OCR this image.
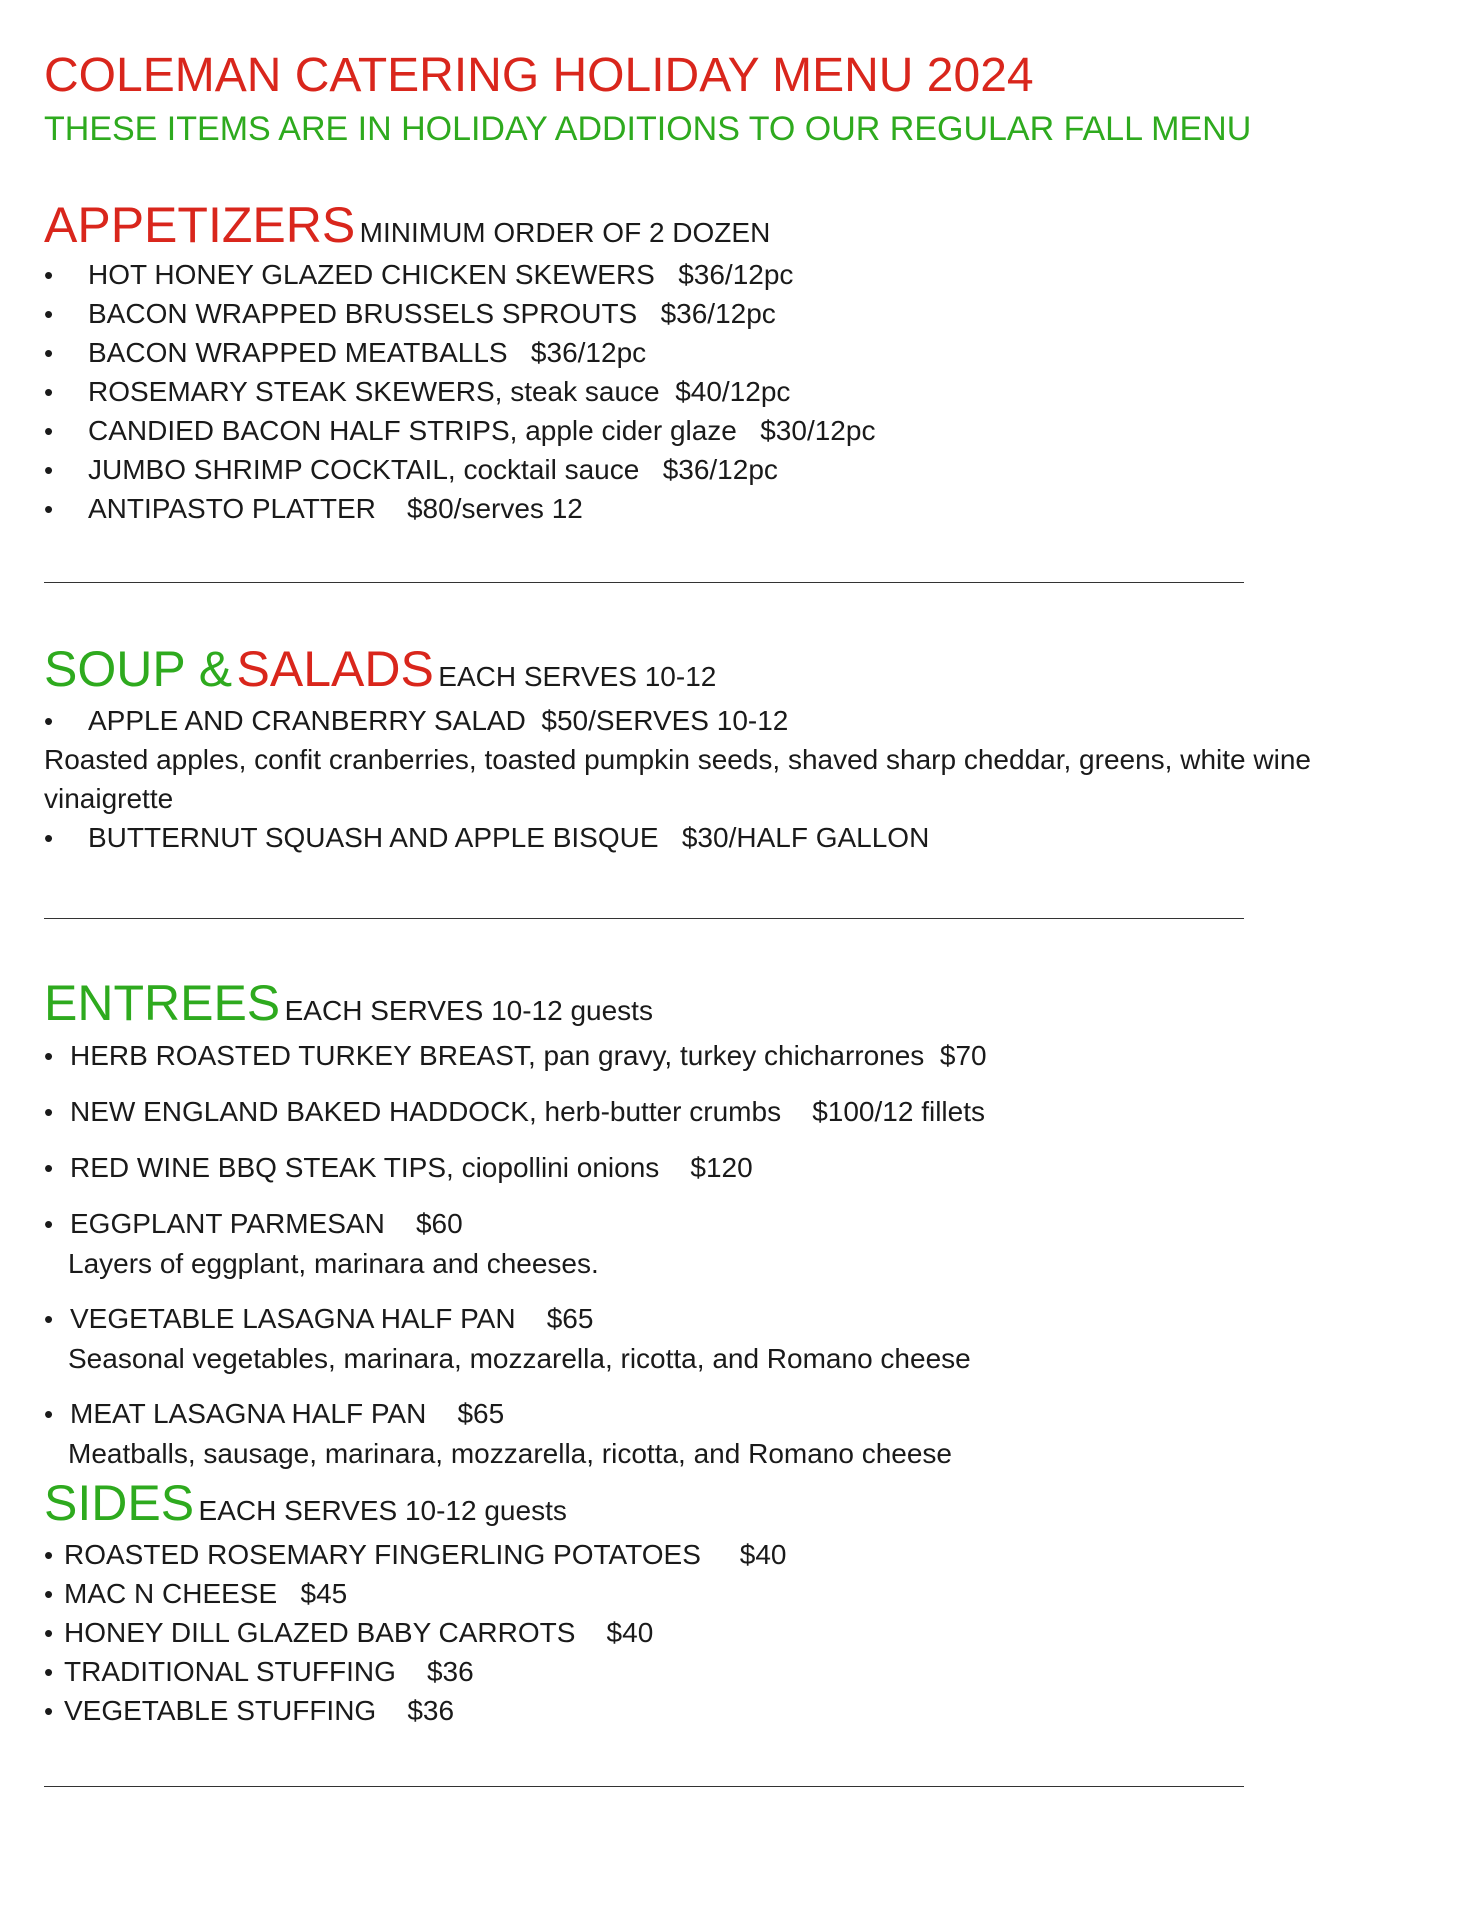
COLEMAN CATERING HOLIDAY MENU 2024
THESE ITEMS ARE IN HOLIDAY ADDITIONS TO OUR REGULAR FALL MENU
APPETIZERS MINIMUM ORDER OF 2 DOZEN
• HOT HONEY GLAZED CHICKEN SKEWERS $36/12pc
• BACON WRAPPED BRUSSELS SPROUTS $36/12pc
• BACON WRAPPED MEATBALLS $36/12pc
• ROSEMARY STEAK SKEWERS, steak sauce $40/12pc
• CANDIED BACON HALF STRIPS, apple cider glaze $30/12pc
• JUMBO SHRIMP COCKTAIL, cocktail sauce $36/12pc
• ANTIPASTO PLATTER $80/serves 12
SOUP & SALADS EACH SERVES 10-12
• APPLE AND CRANBERRY SALAD $50/SERVES 10-12
Roasted apples, confit cranberries, toasted pumpkin seeds, shaved sharp cheddar, greens, white wine vinaigrette
• BUTTERNUT SQUASH AND APPLE BISQUE $30/HALF GALLON
ENTREES EACH SERVES 10-12 guests
• HERB ROASTED TURKEY BREAST, pan gravy, turkey chicharrones $70
• NEW ENGLAND BAKED HADDOCK, herb-butter crumbs $100/12 fillets
• RED WINE BBQ STEAK TIPS, ciopollini onions $120
• EGGPLANT PARMESAN $60
Layers of eggplant, marinara and cheeses.
• VEGETABLE LASAGNA HALF PAN $65
Seasonal vegetables, marinara, mozzarella, ricotta, and Romano cheese
• MEAT LASAGNA HALF PAN $65
Meatballs, sausage, marinara, mozzarella, ricotta, and Romano cheese
SIDES EACH SERVES 10-12 guests
• ROASTED ROSEMARY FINGERLING POTATOES $40
• MAC N CHEESE $45
• HONEY DILL GLAZED BABY CARROTS $40
• TRADITIONAL STUFFING $36
• VEGETABLE STUFFING $36
